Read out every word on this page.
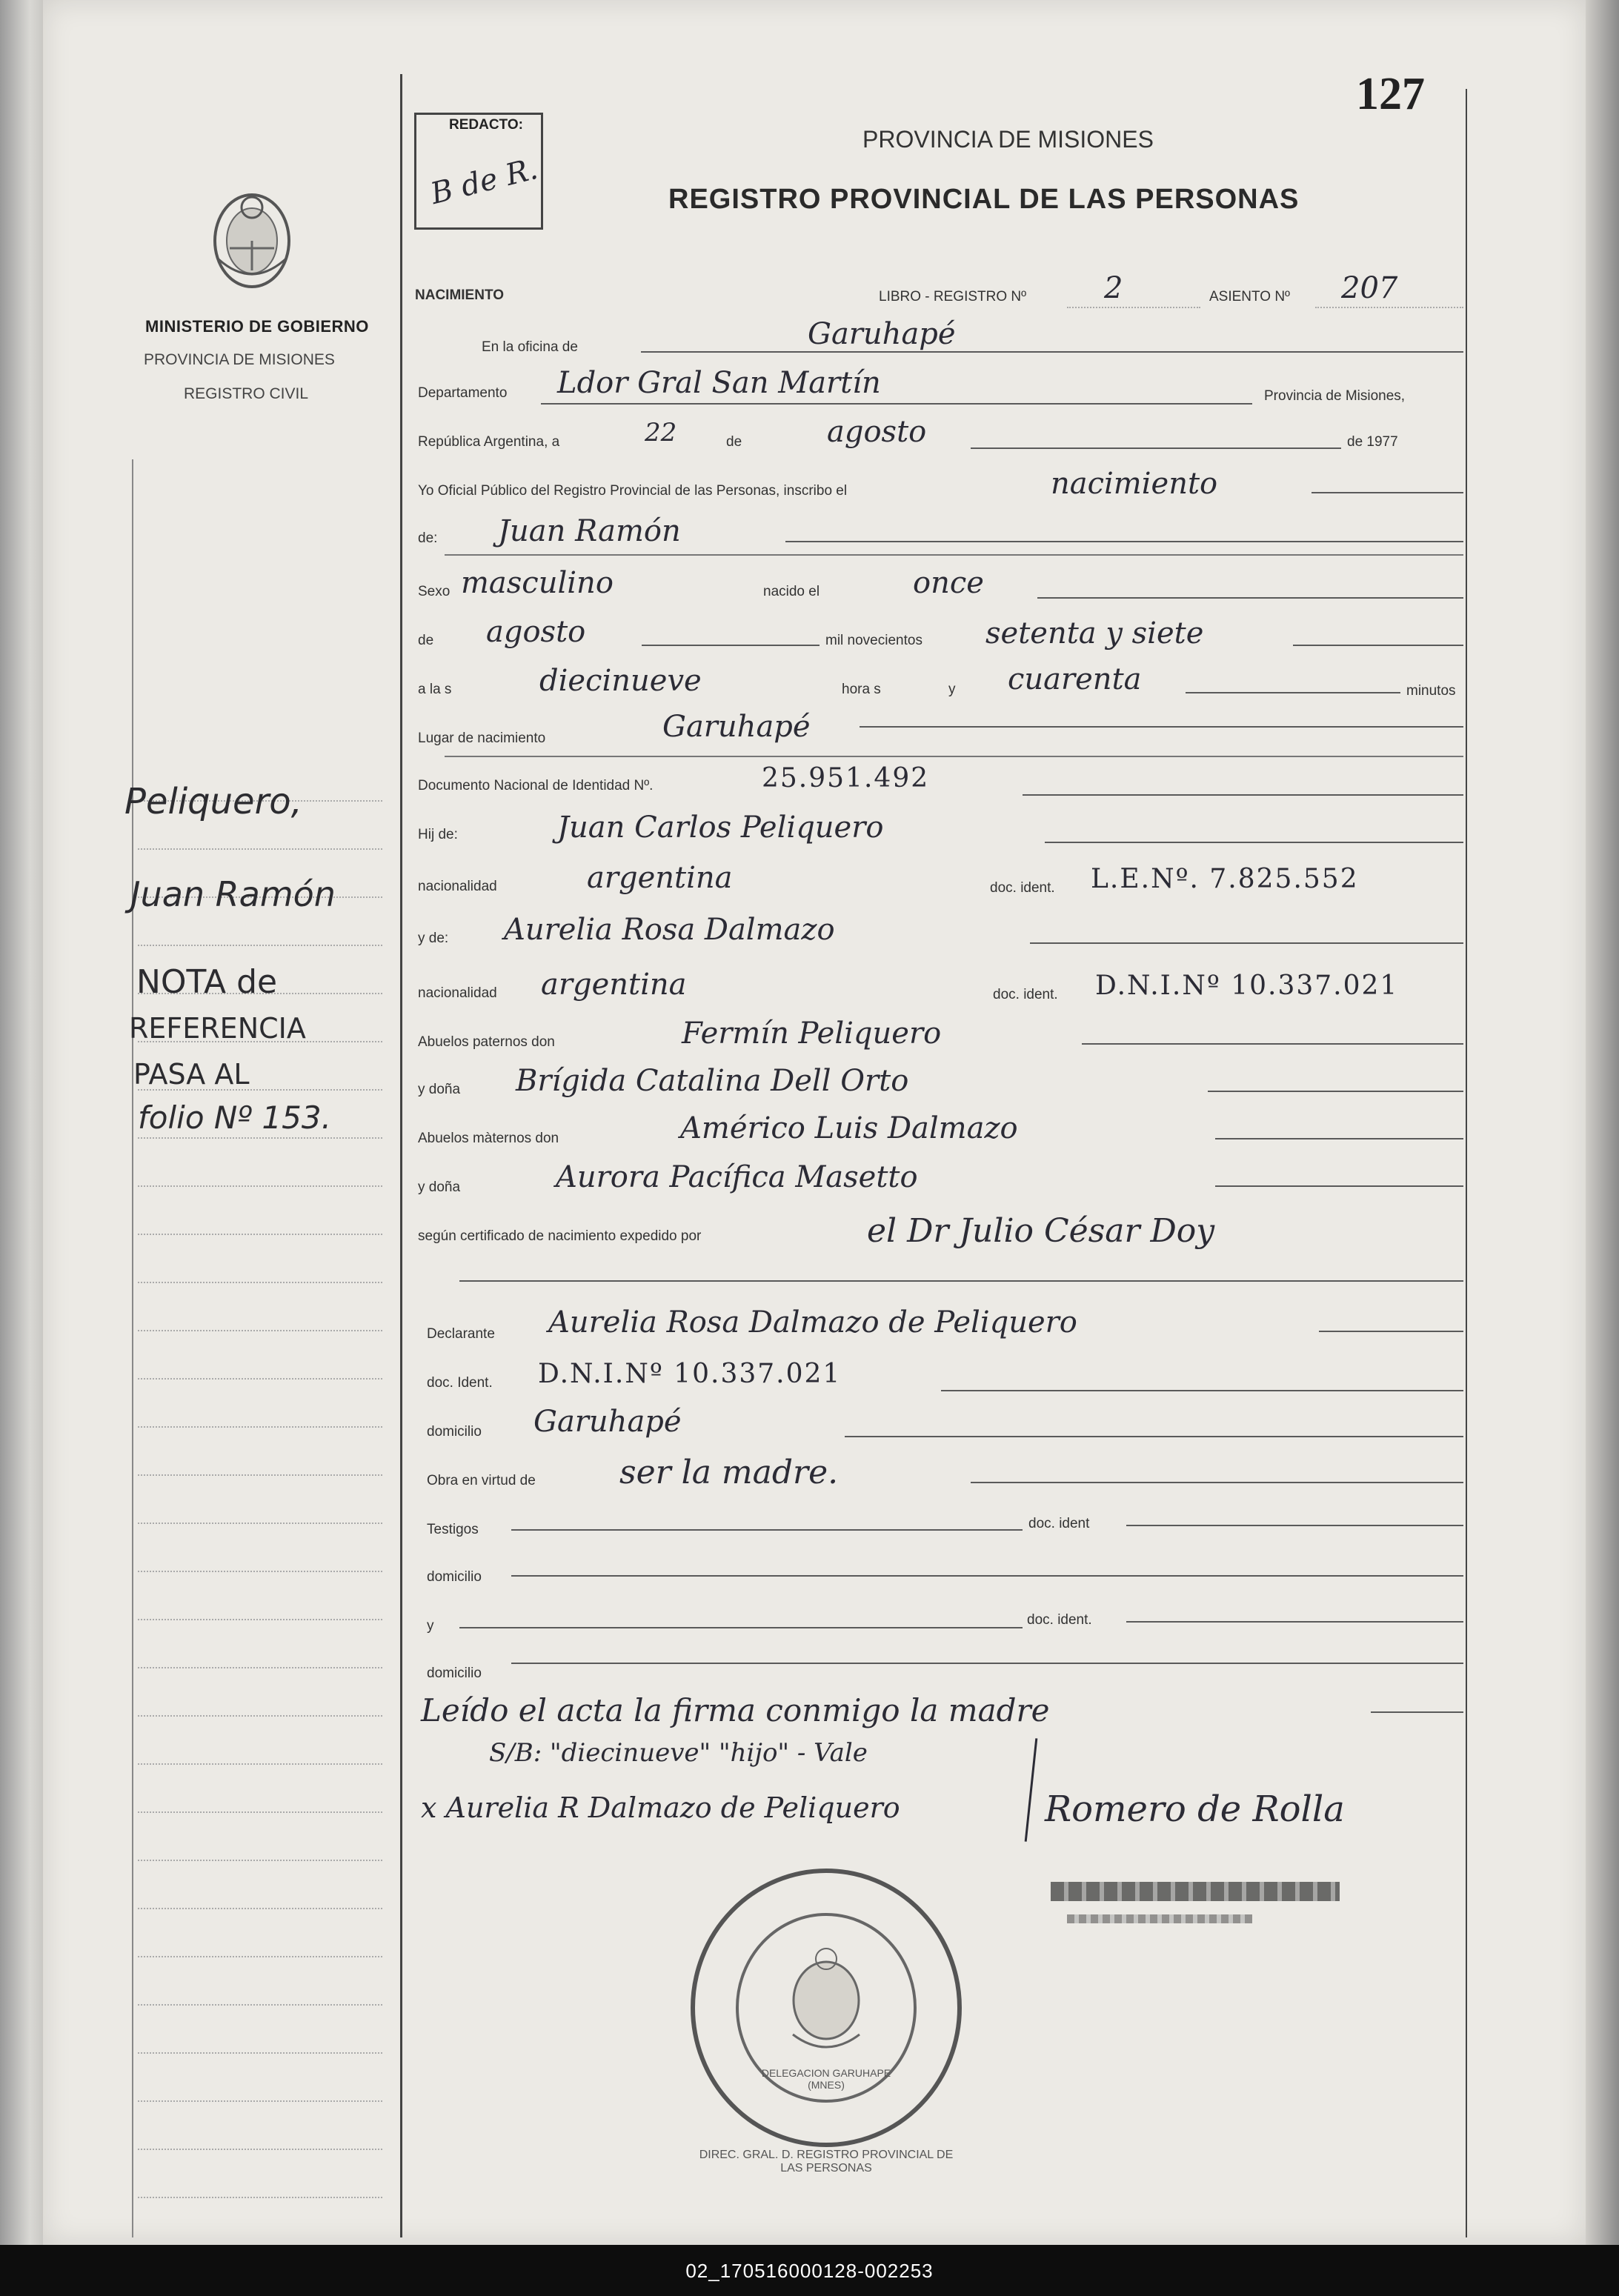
127
REDACTO:
B de R.
PROVINCIA DE MISIONES
REGISTRO PROVINCIAL DE LAS PERSONAS
MINISTERIO DE GOBIERNO
PROVINCIA DE MISIONES
REGISTRO CIVIL
Peliquero,
Juan Ramón
NOTA de
REFERENCIA
PASA AL
folio Nº 153.
NACIMIENTO	LIBRO - REGISTRO Nº	2	ASIENTO Nº 207
En la oficina de	Garuhapé
Departamento Ldor Gral San Martín	Provincia de Misiones,
República Argentina, a	22	de	agosto	de 1977
Yo Oficial Público del Registro Provincial de las Personas, inscribo el	nacimiento
de: Juan Ramón
Sexo masculino	nacido el	once
de agosto	mil novecientos setenta y siete
a la s	diecinueve	hora s	y cuarenta	minutos
Lugar de nacimiento	Garuhapé
Documento Nacional de Identidad Nº.	25.951.492
Hij de:	Juan Carlos Peliquero
nacionalidad	argentina	doc. ident. L.E.Nº. 7.825.552
y de: Aurelia Rosa Dalmazo
nacionalidad argentina	doc. ident. D.N.I.Nº 10.337.021
Abuelos paternos don	Fermín Peliquero
y doña Brígida Catalina Dell Orto
Abuelos màternos don	Américo Luis Dalmazo
y doña	Aurora Pacífica Masetto
según certificado de nacimiento expedido por	el Dr Julio César Doy
Declarante Aurelia Rosa Dalmazo de Peliquero
doc. Ident. D.N.I.Nº 10.337.021
domicilio Garuhapé
Obra en virtud de	ser la madre.
Testigos	doc. ident
domicilio
y	doc. ident.
domicilio
Leído el acta la firma conmigo la madre
S/B: "diecinueve" "hijo" - Vale
x Aurelia R Dalmazo de Peliquero	Romero de Rolla
DIREC. GRAL. D. REGISTRO PROVINCIAL DE LAS PERSONAS
DELEGACION GARUHAPE (MNES)
02_170516000128-002253
